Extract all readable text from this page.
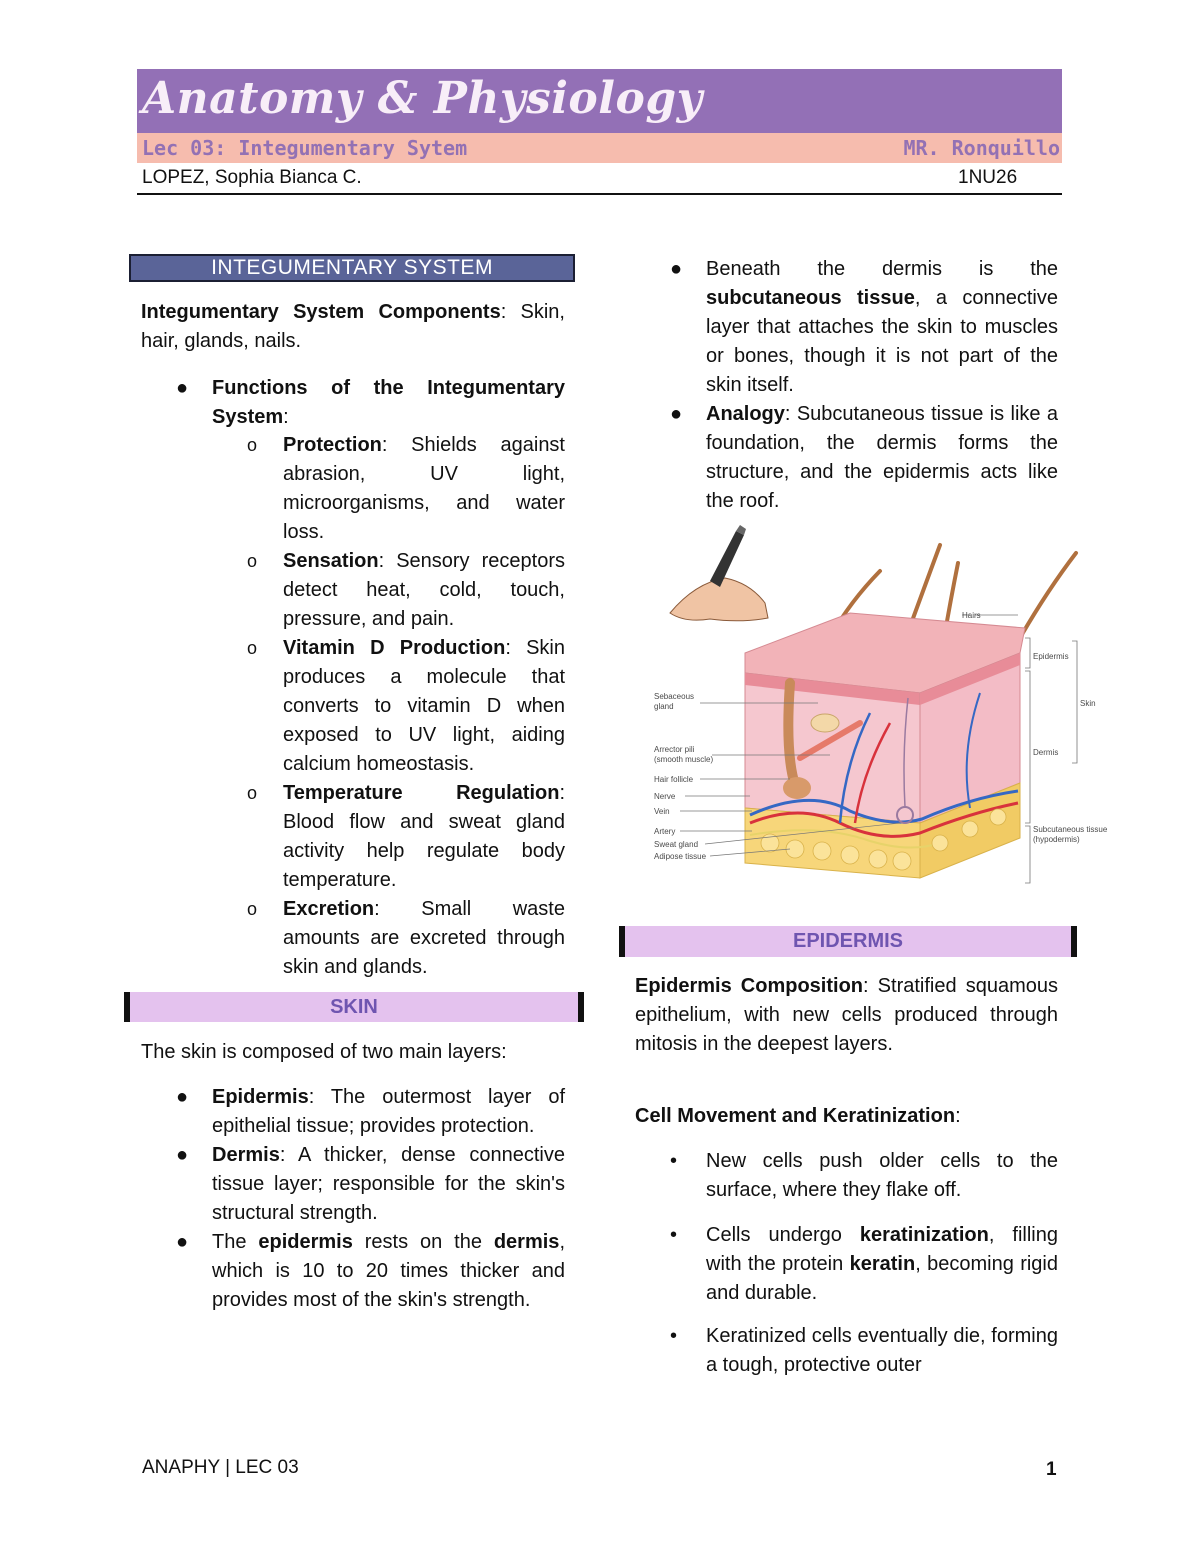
Anatomy & Physiology
Lec 03: Integumentary Sytem	MR. Ronquillo
LOPEZ, Sophia Bianca C.	1NU26
INTEGUMENTARY SYSTEM
Integumentary System Components: Skin, hair, glands, nails.
● Functions of the Integumentary System:
o Protection: Shields against abrasion, UV light, microorganisms, and water loss.
o Sensation: Sensory receptors detect heat, cold, touch, pressure, and pain.
o Vitamin D Production: Skin produces a molecule that converts to vitamin D when exposed to UV light, aiding calcium homeostasis.
o Temperature Regulation: Blood flow and sweat gland activity help regulate body temperature.
o Excretion: Small waste amounts are excreted through skin and glands.
SKIN
The skin is composed of two main layers:
● Epidermis: The outermost layer of epithelial tissue; provides protection.
● Dermis: A thicker, dense connective tissue layer; responsible for the skin's structural strength.
● The epidermis rests on the dermis, which is 10 to 20 times thicker and provides most of the skin's strength.
● Beneath the dermis is the subcutaneous tissue, a connective layer that attaches the skin to muscles or bones, though it is not part of the skin itself.
● Analogy: Subcutaneous tissue is like a foundation, the dermis forms the structure, and the epidermis acts like the roof.
Hairs
Epidermis
Skin
Dermis
Subcutaneous tissue
(hypodermis)
Sebaceous
gland
Arrector pili
(smooth muscle)
Hair follicle
Nerve
Vein
Artery
Sweat gland
Adipose tissue
EPIDERMIS
Epidermis Composition: Stratified squamous epithelium, with new cells produced through mitosis in the deepest layers.
Cell Movement and Keratinization:
• New cells push older cells to the surface, where they flake off.
• Cells undergo keratinization, filling with the protein keratin, becoming rigid and durable.
• Keratinized cells eventually die, forming a tough, protective outer
ANAPHY | LEC 03	1
